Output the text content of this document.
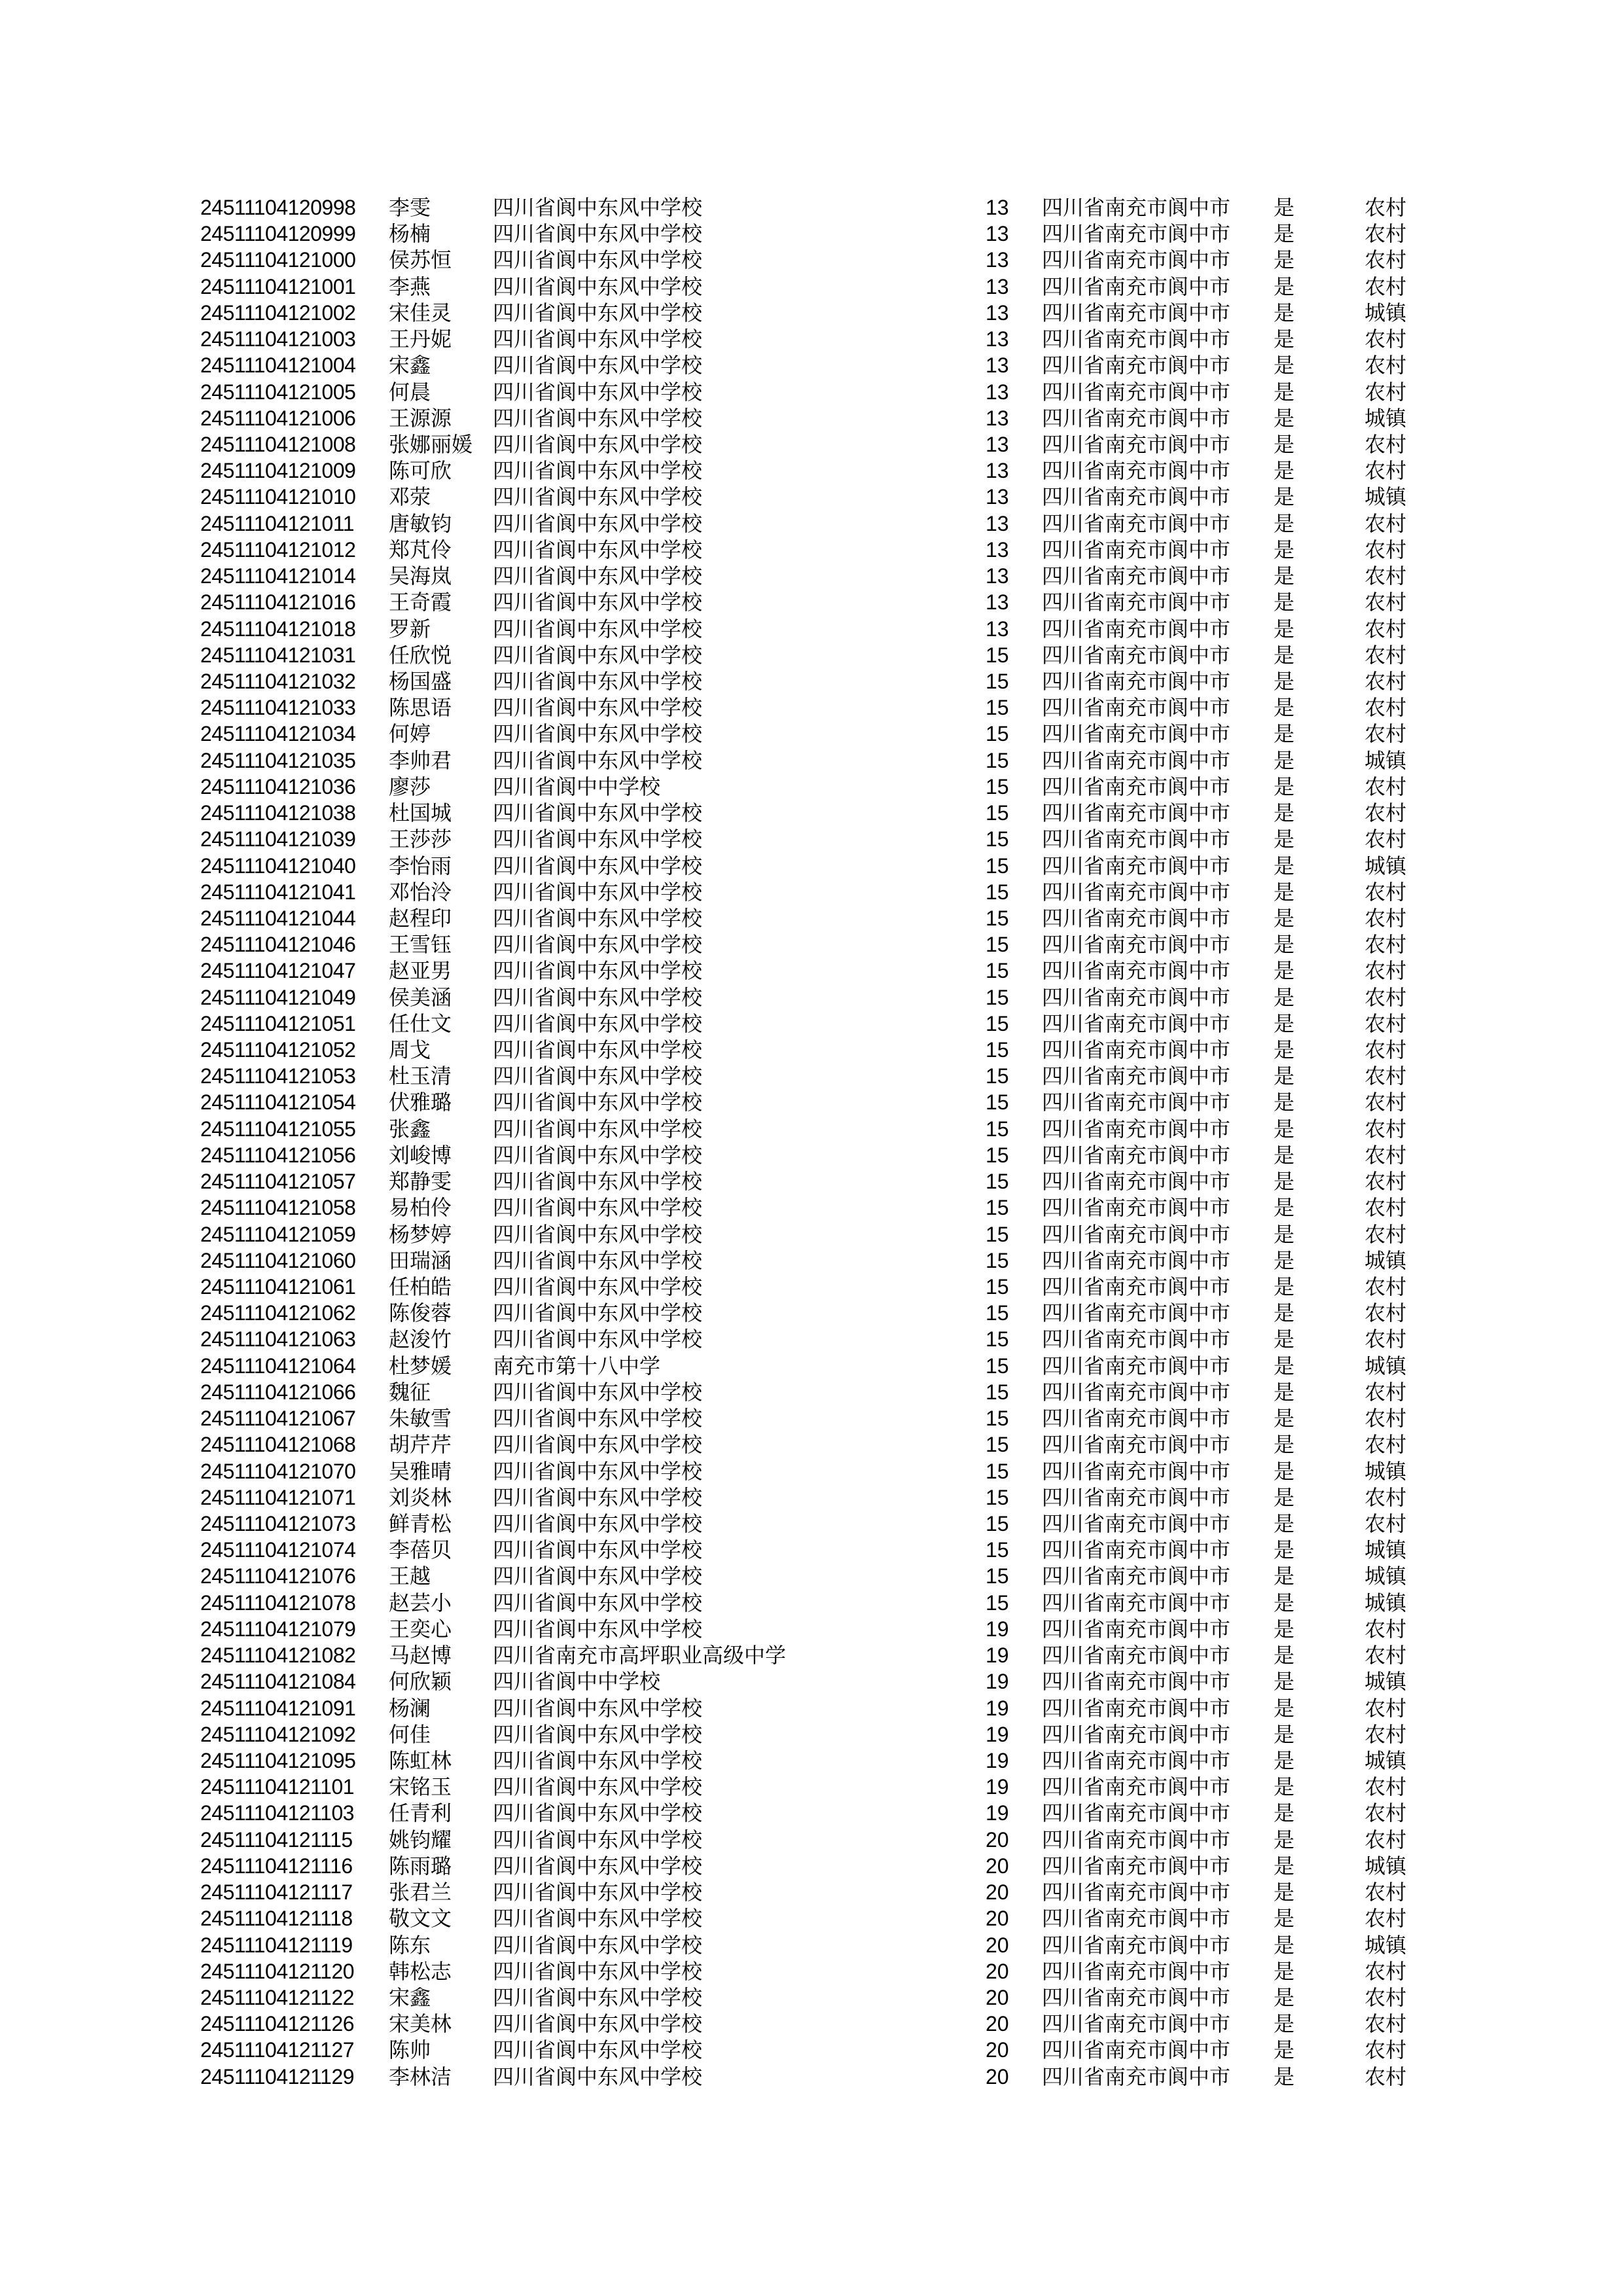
24511104120998 李雯	四川省阆中东风中学校	13 四川省南充市阆中市 是	农村
24511104120999 杨楠	四川省阆中东风中学校	13 四川省南充市阆中市 是	农村
24511104121000 侯苏恒 四川省阆中东风中学校	13 四川省南充市阆中市 是	农村
24511104121001 李燕	四川省阆中东风中学校	13 四川省南充市阆中市 是	农村
24511104121002 宋佳灵 四川省阆中东风中学校	13 四川省南充市阆中市 是	城镇
24511104121003 王丹妮 四川省阆中东风中学校	13 四川省南充市阆中市 是	农村
24511104121004 宋鑫	四川省阆中东风中学校	13 四川省南充市阆中市 是	农村
24511104121005 何晨	四川省阆中东风中学校	13 四川省南充市阆中市 是	农村
24511104121006 王源源 四川省阆中东风中学校	13 四川省南充市阆中市 是	城镇
24511104121008 张娜丽媛 四川省阆中东风中学校	13 四川省南充市阆中市 是	农村
24511104121009 陈可欣 四川省阆中东风中学校	13 四川省南充市阆中市 是	农村
24511104121010 邓荥	四川省阆中东风中学校	13 四川省南充市阆中市 是	城镇
24511104121011 唐敏钧 四川省阆中东风中学校	13 四川省南充市阆中市 是	农村
24511104121012 郑芃伶 四川省阆中东风中学校	13 四川省南充市阆中市 是	农村
24511104121014 吴海岚 四川省阆中东风中学校	13 四川省南充市阆中市 是	农村
24511104121016 王奇霞 四川省阆中东风中学校	13 四川省南充市阆中市 是	农村
24511104121018 罗新	四川省阆中东风中学校	13 四川省南充市阆中市 是	农村
24511104121031 任欣悦 四川省阆中东风中学校	15 四川省南充市阆中市 是	农村
24511104121032 杨国盛 四川省阆中东风中学校	15 四川省南充市阆中市 是	农村
24511104121033 陈思语 四川省阆中东风中学校	15 四川省南充市阆中市 是	农村
24511104121034 何婷	四川省阆中东风中学校	15 四川省南充市阆中市 是	农村
24511104121035 李帅君 四川省阆中东风中学校	15 四川省南充市阆中市 是	城镇
24511104121036 廖莎	四川省阆中中学校	15 四川省南充市阆中市 是	农村
24511104121038 杜国城 四川省阆中东风中学校	15 四川省南充市阆中市 是	农村
24511104121039 王莎莎 四川省阆中东风中学校	15 四川省南充市阆中市 是	农村
24511104121040 李怡雨 四川省阆中东风中学校	15 四川省南充市阆中市 是	城镇
24511104121041 邓怡泠 四川省阆中东风中学校	15 四川省南充市阆中市 是	农村
24511104121044 赵程印 四川省阆中东风中学校	15 四川省南充市阆中市 是	农村
24511104121046 王雪钰 四川省阆中东风中学校	15 四川省南充市阆中市 是	农村
24511104121047 赵亚男 四川省阆中东风中学校	15 四川省南充市阆中市 是	农村
24511104121049 侯美涵 四川省阆中东风中学校	15 四川省南充市阆中市 是	农村
24511104121051 任仕文 四川省阆中东风中学校	15 四川省南充市阆中市 是	农村
24511104121052 周戈	四川省阆中东风中学校	15 四川省南充市阆中市 是	农村
24511104121053 杜玉清 四川省阆中东风中学校	15 四川省南充市阆中市 是	农村
24511104121054 伏雅璐 四川省阆中东风中学校	15 四川省南充市阆中市 是	农村
24511104121055 张鑫	四川省阆中东风中学校	15 四川省南充市阆中市 是	农村
24511104121056 刘峻博 四川省阆中东风中学校	15 四川省南充市阆中市 是	农村
24511104121057 郑静雯 四川省阆中东风中学校	15 四川省南充市阆中市 是	农村
24511104121058 易柏伶 四川省阆中东风中学校	15 四川省南充市阆中市 是	农村
24511104121059 杨梦婷 四川省阆中东风中学校	15 四川省南充市阆中市 是	农村
24511104121060 田瑞涵 四川省阆中东风中学校	15 四川省南充市阆中市 是	城镇
24511104121061 任柏皓 四川省阆中东风中学校	15 四川省南充市阆中市 是	农村
24511104121062 陈俊蓉 四川省阆中东风中学校	15 四川省南充市阆中市 是	农村
24511104121063 赵浚竹 四川省阆中东风中学校	15 四川省南充市阆中市 是	农村
24511104121064 杜梦媛 南充市第十八中学	15 四川省南充市阆中市 是	城镇
24511104121066 魏征	四川省阆中东风中学校	15 四川省南充市阆中市 是	农村
24511104121067 朱敏雪 四川省阆中东风中学校	15 四川省南充市阆中市 是	农村
24511104121068 胡芹芹 四川省阆中东风中学校	15 四川省南充市阆中市 是	农村
24511104121070 吴雅晴 四川省阆中东风中学校	15 四川省南充市阆中市 是	城镇
24511104121071 刘炎林 四川省阆中东风中学校	15 四川省南充市阆中市 是	农村
24511104121073 鲜青松 四川省阆中东风中学校	15 四川省南充市阆中市 是	农村
24511104121074 李蓓贝 四川省阆中东风中学校	15 四川省南充市阆中市 是	城镇
24511104121076 王越	四川省阆中东风中学校	15 四川省南充市阆中市 是	城镇
24511104121078 赵芸小 四川省阆中东风中学校	15 四川省南充市阆中市 是	城镇
24511104121079 王奕心 四川省阆中东风中学校	19 四川省南充市阆中市 是	农村
24511104121082 马赵博 四川省南充市高坪职业高级中学	19 四川省南充市阆中市 是	农村
24511104121084 何欣颖 四川省阆中中学校	19 四川省南充市阆中市 是	城镇
24511104121091 杨澜	四川省阆中东风中学校	19 四川省南充市阆中市 是	农村
24511104121092 何佳	四川省阆中东风中学校	19 四川省南充市阆中市 是	农村
24511104121095 陈虹林 四川省阆中东风中学校	19 四川省南充市阆中市 是	城镇
24511104121101 宋铭玉 四川省阆中东风中学校	19 四川省南充市阆中市 是	农村
24511104121103 任青利 四川省阆中东风中学校	19 四川省南充市阆中市 是	农村
24511104121115 姚钧耀 四川省阆中东风中学校	20 四川省南充市阆中市 是	农村
24511104121116 陈雨璐 四川省阆中东风中学校	20 四川省南充市阆中市 是	城镇
24511104121117 张君兰 四川省阆中东风中学校	20 四川省南充市阆中市 是	农村
24511104121118 敬文文 四川省阆中东风中学校	20 四川省南充市阆中市 是	农村
24511104121119 陈东	四川省阆中东风中学校	20 四川省南充市阆中市 是	城镇
24511104121120 韩松志 四川省阆中东风中学校	20 四川省南充市阆中市 是	农村
24511104121122 宋鑫	四川省阆中东风中学校	20 四川省南充市阆中市 是	农村
24511104121126 宋美林 四川省阆中东风中学校	20 四川省南充市阆中市 是	农村
24511104121127 陈帅	四川省阆中东风中学校	20 四川省南充市阆中市 是	农村
24511104121129 李林洁 四川省阆中东风中学校	20 四川省南充市阆中市 是	农村
